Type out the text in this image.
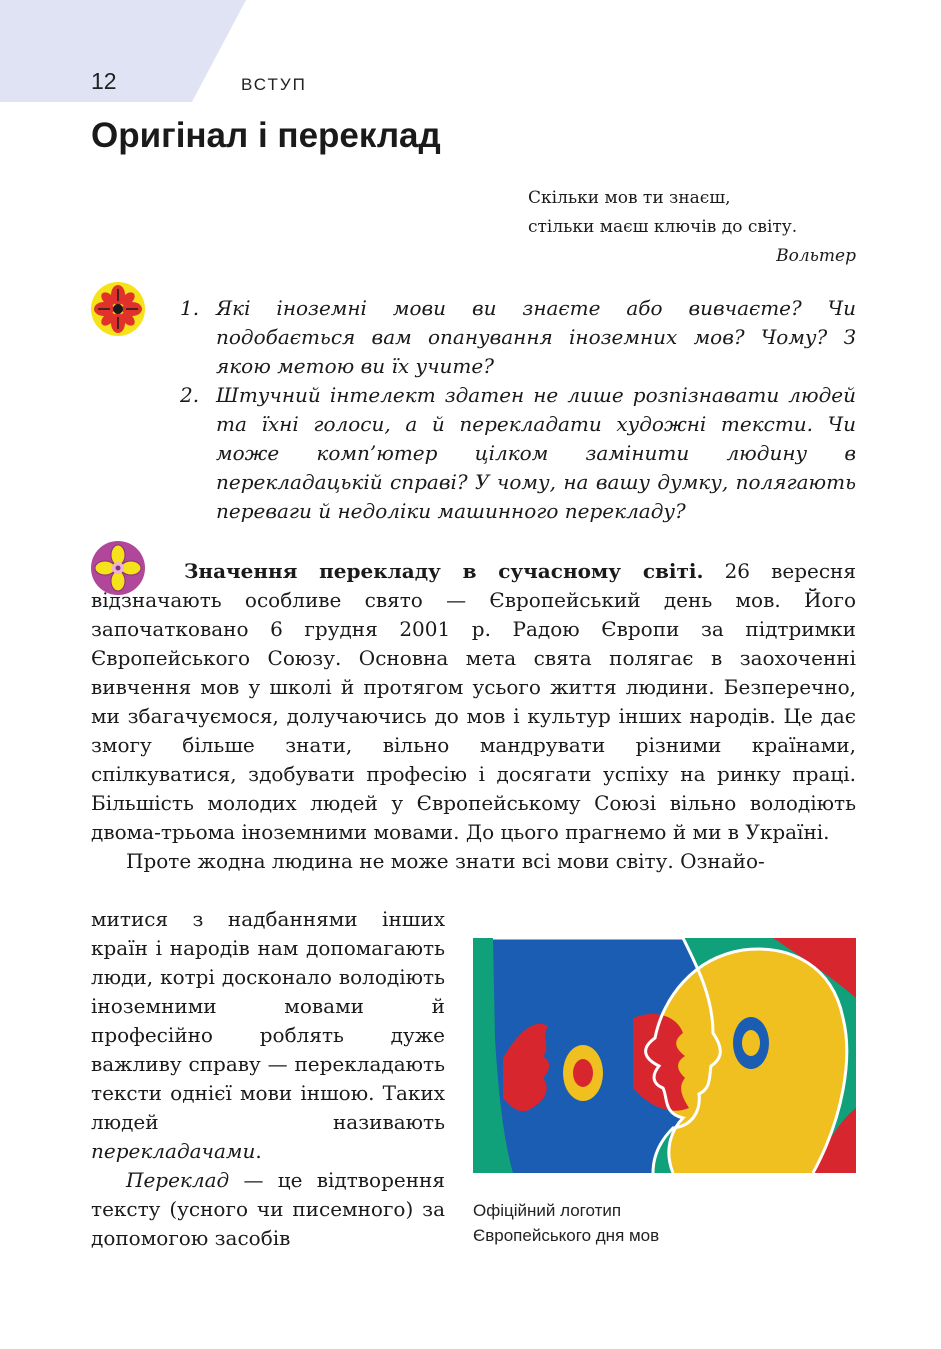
12	ВСТУП
Оригінал і переклад
Скільки мов ти знаєш,
стільки маєш ключів до світу.
Вольтер
1. Які іноземні мови ви знаєте або вивчаєте? Чи подобається вам опанування іноземних мов? Чому? З якою метою ви їх учите?
2. Штучний інтелект здатен не лише розпізнавати людей та їхні голоси, а й перекладати художні тексти. Чи може комп’ютер цілком замінити людину в перекладацькій справі? У чому, на вашу думку, полягають переваги й недоліки машинного перекладу?

Значення перекладу в сучасному світі. 26 вересня відзначають особливе свято — Європейський день мов. Його започатковано 6 грудня 2001 р. Радою Європи за підтримки Європейського Союзу. Основна мета свята полягає в заохоченні вивчення мов у школі й протягом усього життя людини. Безперечно, ми збагачуємося, долучаючись до мов і культур інших народів. Це дає змогу більше знати, вільно мандрувати різними країнами, спілкуватися, здобувати професію і досягати успіху на ринку праці. Більшість молодих людей у Європейському Союзі вільно володіють двома-трьома іноземними мовами. До цього прагнемо й ми в Україні.

Проте жодна людина не може знати всі мови світу. Ознайо-

митися з надбаннями інших країн і народів нам допомагають люди, котрі досконало володіють іноземними мовами й професійно роблять дуже важливу справу — перекладають тексти однієї мови іншою. Таких людей називають перекладачами.

Переклад — це відтворення тексту (усного чи писемного) за допомогою засобів

Офіційний логотип
Європейського дня мов
